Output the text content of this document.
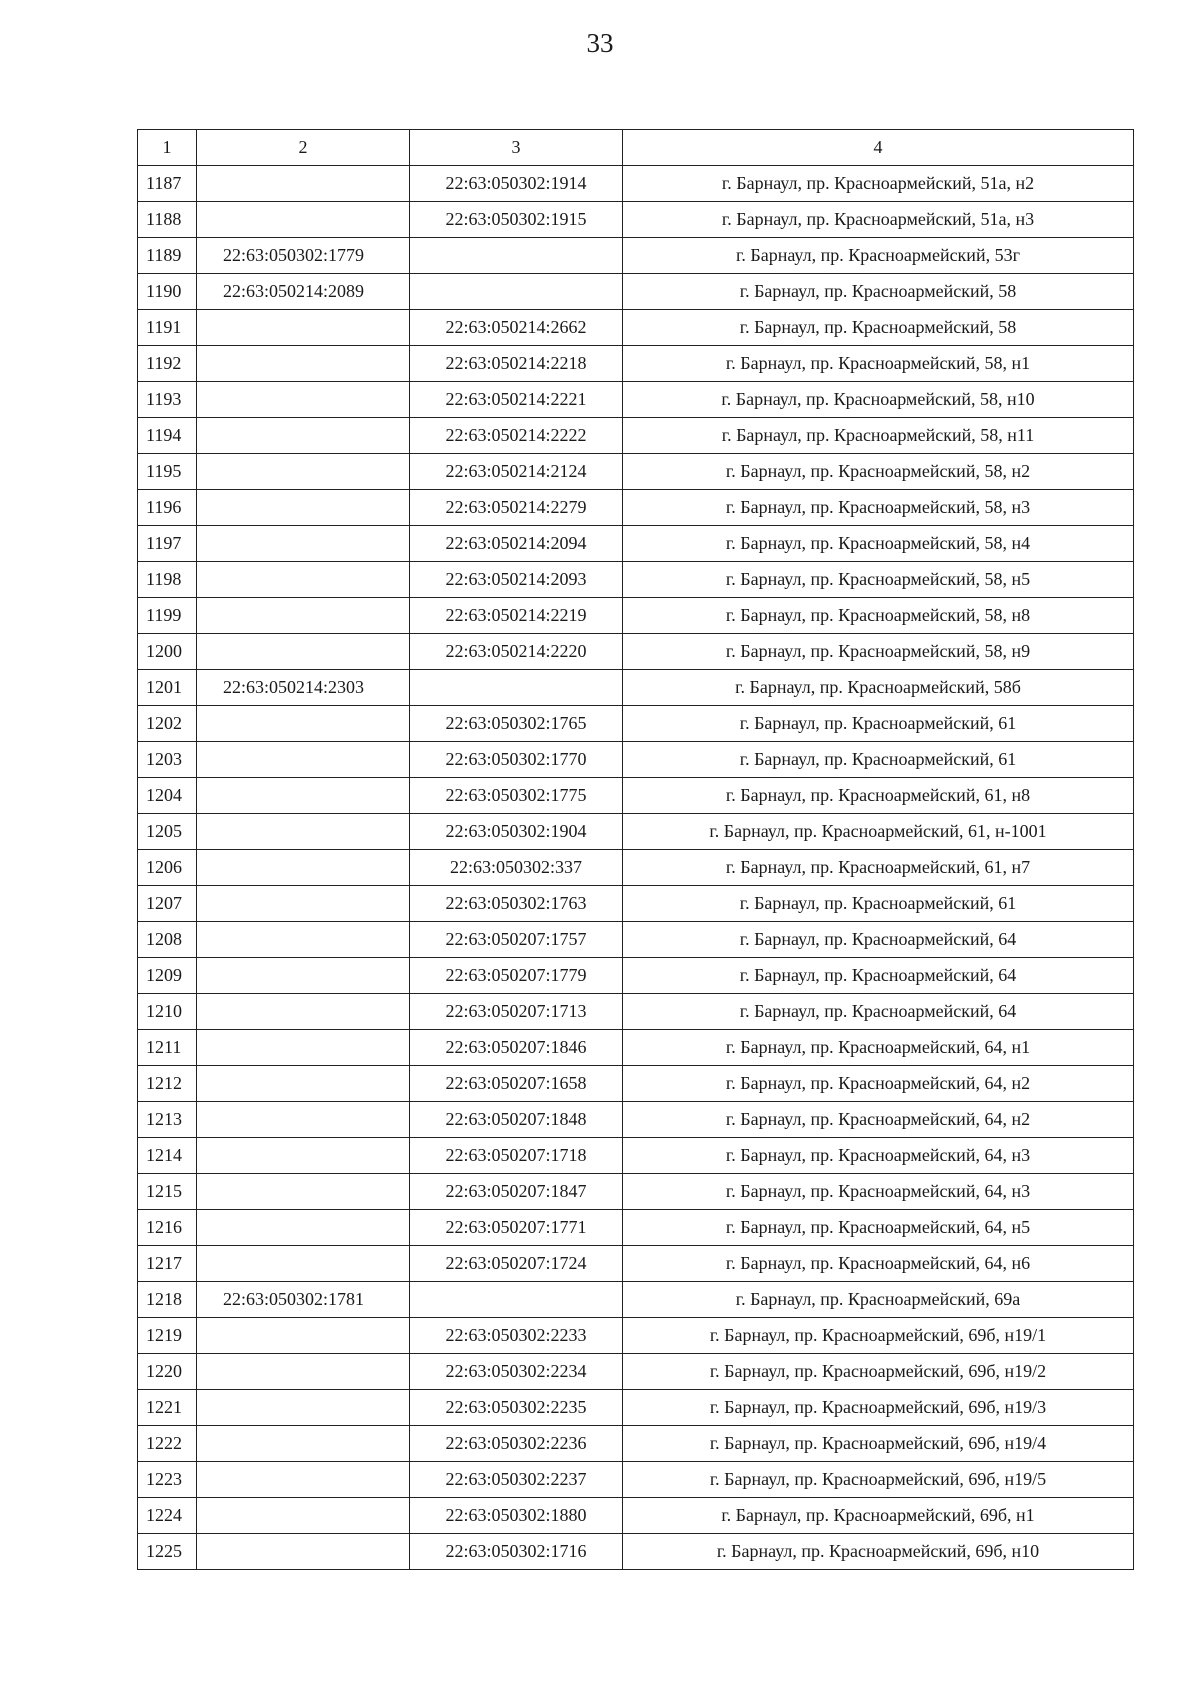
33
1	2	3	4
1187		22:63:050302:1914	г. Барнаул, пр. Красноармейский, 51а, н2
1188		22:63:050302:1915	г. Барнаул, пр. Красноармейский, 51а, н3
1189	22:63:050302:1779		г. Барнаул, пр. Красноармейский, 53г
1190	22:63:050214:2089		г. Барнаул, пр. Красноармейский, 58
1191		22:63:050214:2662	г. Барнаул, пр. Красноармейский, 58
1192		22:63:050214:2218	г. Барнаул, пр. Красноармейский, 58, н1
1193		22:63:050214:2221	г. Барнаул, пр. Красноармейский, 58, н10
1194		22:63:050214:2222	г. Барнаул, пр. Красноармейский, 58, н11
1195		22:63:050214:2124	г. Барнаул, пр. Красноармейский, 58, н2
1196		22:63:050214:2279	г. Барнаул, пр. Красноармейский, 58, н3
1197		22:63:050214:2094	г. Барнаул, пр. Красноармейский, 58, н4
1198		22:63:050214:2093	г. Барнаул, пр. Красноармейский, 58, н5
1199		22:63:050214:2219	г. Барнаул, пр. Красноармейский, 58, н8
1200		22:63:050214:2220	г. Барнаул, пр. Красноармейский, 58, н9
1201	22:63:050214:2303		г. Барнаул, пр. Красноармейский, 58б
1202		22:63:050302:1765	г. Барнаул, пр. Красноармейский, 61
1203		22:63:050302:1770	г. Барнаул, пр. Красноармейский, 61
1204		22:63:050302:1775	г. Барнаул, пр. Красноармейский, 61, н8
1205		22:63:050302:1904	г. Барнаул, пр. Красноармейский, 61, н-1001
1206		22:63:050302:337	г. Барнаул, пр. Красноармейский, 61, н7
1207		22:63:050302:1763	г. Барнаул, пр. Красноармейский, 61
1208		22:63:050207:1757	г. Барнаул, пр. Красноармейский, 64
1209		22:63:050207:1779	г. Барнаул, пр. Красноармейский, 64
1210		22:63:050207:1713	г. Барнаул, пр. Красноармейский, 64
1211		22:63:050207:1846	г. Барнаул, пр. Красноармейский, 64, н1
1212		22:63:050207:1658	г. Барнаул, пр. Красноармейский, 64, н2
1213		22:63:050207:1848	г. Барнаул, пр. Красноармейский, 64, н2
1214		22:63:050207:1718	г. Барнаул, пр. Красноармейский, 64, н3
1215		22:63:050207:1847	г. Барнаул, пр. Красноармейский, 64, н3
1216		22:63:050207:1771	г. Барнаул, пр. Красноармейский, 64, н5
1217		22:63:050207:1724	г. Барнаул, пр. Красноармейский, 64, н6
1218	22:63:050302:1781		г. Барнаул, пр. Красноармейский, 69а
1219		22:63:050302:2233	г. Барнаул, пр. Красноармейский, 69б, н19/1
1220		22:63:050302:2234	г. Барнаул, пр. Красноармейский, 69б, н19/2
1221		22:63:050302:2235	г. Барнаул, пр. Красноармейский, 69б, н19/3
1222		22:63:050302:2236	г. Барнаул, пр. Красноармейский, 69б, н19/4
1223		22:63:050302:2237	г. Барнаул, пр. Красноармейский, 69б, н19/5
1224		22:63:050302:1880	г. Барнаул, пр. Красноармейский, 69б, н1
1225		22:63:050302:1716	г. Барнаул, пр. Красноармейский, 69б, н10
